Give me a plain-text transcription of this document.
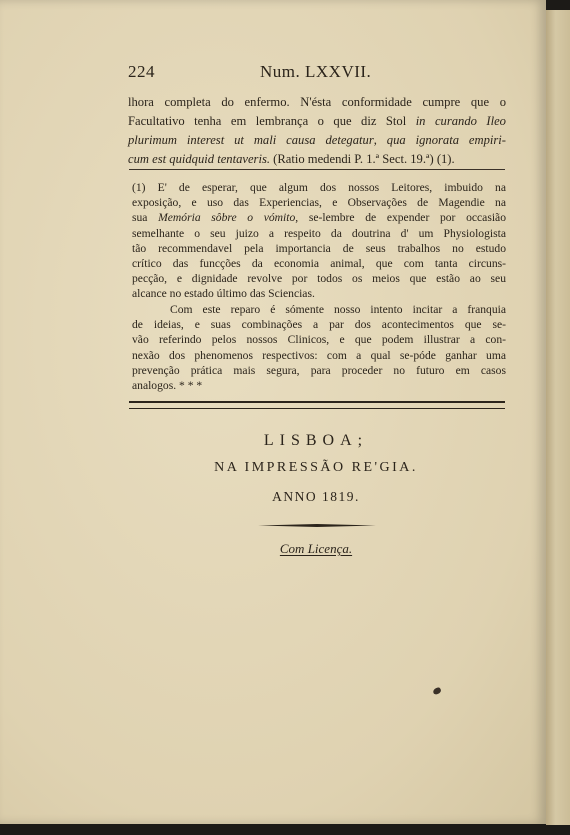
224	Num. LXXVII.
lhora completa do enfermo. N'ésta conformidade cumpre que o
Facultativo tenha em lembrança o que diz Stol in curando Ileo
plurimum interest ut mali causa detegatur, qua ignorata empiri-
cum est quidquid tentaveris. (Ratio medendi P. 1.ª Sect. 19.ª) (1).
(1) E' de esperar, que algum dos nossos Leitores, imbuido na
exposição, e uso das Experiencias, e Observações de Magendie na
sua Memória sôbre o vómito, se-lembre de expender por occasião
semelhante o seu juizo a respeito da doutrina d' um Physiologista
tão recommendavel pela importancia de seus trabalhos no estudo
crítico das funcções da economia animal, que com tanta circuns-
pecção, e dignidade revolve por todos os meios que estão ao seu
alcance no estado último das Sciencias.
Com este reparo é sómente nosso intento incitar a franquia
de ideias, e suas combinações a par dos acontecimentos que se-
vão referindo pelos nossos Clinicos, e que podem illustrar a con-
nexão dos phenomenos respectivos: com a qual se-póde ganhar uma
prevenção prática mais segura, para proceder no futuro em casos
analogos. * * *
LISBOA;
NA IMPRESSÃO RE'GIA.
ANNO 1819.
Com Licença.
